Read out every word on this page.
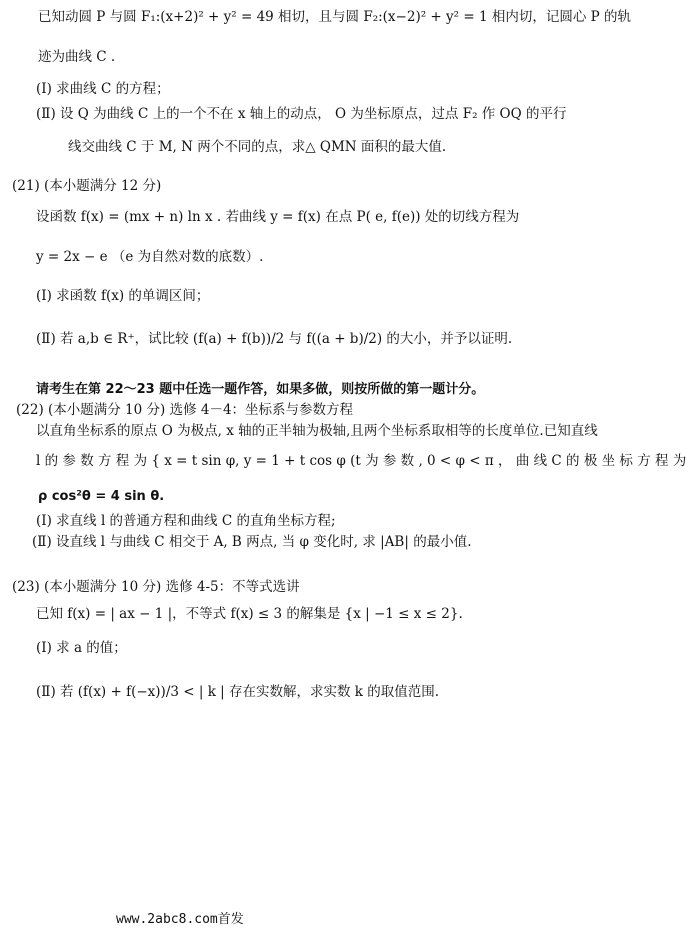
已知动圆 P 与圆 F₁:(x+2)² + y² = 49 相切，且与圆 F₂:(x−2)² + y² = 1 相内切，记圆心 P 的轨
迹为曲线 C .
(Ⅰ) 求曲线 C 的方程；
(Ⅱ) 设 Q 为曲线 C 上的一个不在 x 轴上的动点， O 为坐标原点，过点 F₂ 作 OQ 的平行
线交曲线 C 于 M, N 两个不同的点，求△ QMN 面积的最大值.
(21) (本小题满分 12 分)
设函数 f(x) = (mx + n) ln x . 若曲线 y = f(x) 在点 P( e, f(e)) 处的切线方程为
y = 2x − e （e 为自然对数的底数）.
(Ⅰ) 求函数 f(x) 的单调区间；
(Ⅱ) 若 a,b ∈ R⁺，试比较 (f(a) + f(b))/2 与 f((a + b)/2) 的大小，并予以证明.
请考生在第 22～23 题中任选一题作答，如果多做，则按所做的第一题计分。
(22) (本小题满分 10 分) 选修 4－4：坐标系与参数方程
以直角坐标系的原点 O 为极点, x 轴的正半轴为极轴,且两个坐标系取相等的长度单位.已知直线
l 的 参 数 方 程 为 { x = t sin φ, y = 1 + t cos φ (t 为 参 数 , 0 < φ < π ， 曲 线 C 的 极 坐 标 方 程 为
ρ cos²θ = 4 sin θ.
(Ⅰ) 求直线 l 的普通方程和曲线 C 的直角坐标方程;
(Ⅱ) 设直线 l 与曲线 C 相交于 A, B 两点, 当 φ 变化时, 求 |AB| 的最小值.
(23) (本小题满分 10 分) 选修 4-5：不等式选讲
已知 f(x) = | ax − 1 |，不等式 f(x) ≤ 3 的解集是 {x | −1 ≤ x ≤ 2}.
(Ⅰ) 求 a 的值；
(Ⅱ) 若 (f(x) + f(−x))/3 < | k | 存在实数解，求实数 k 的取值范围.
www.2abc8.com首发
